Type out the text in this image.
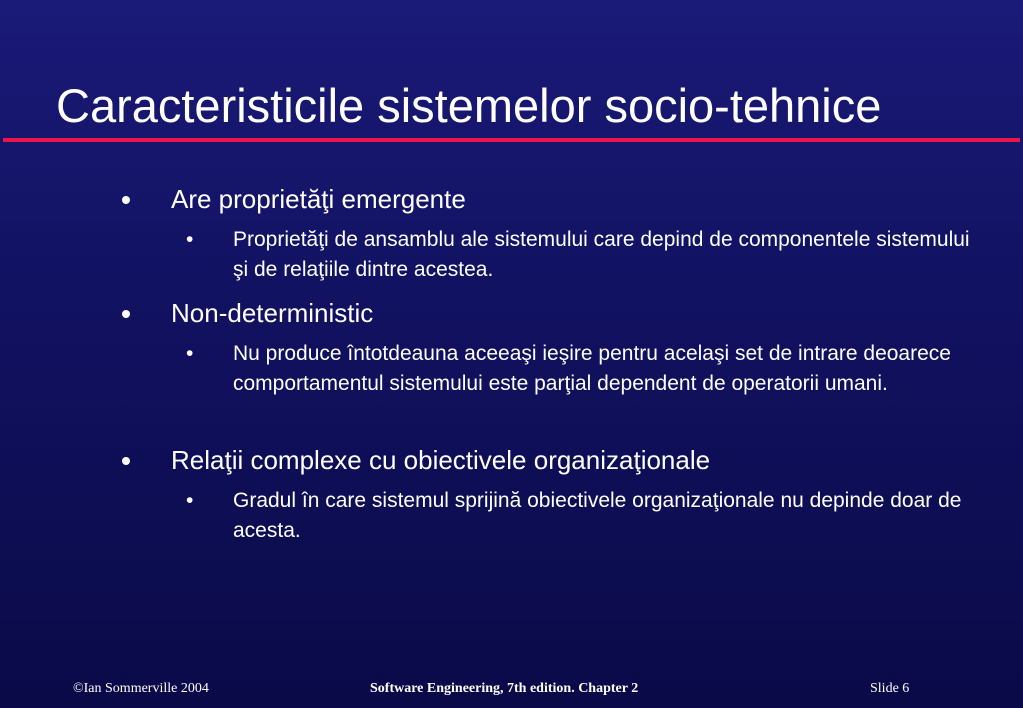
Caracteristicile sistemelor socio-tehnice
Are proprietăţi emergente
• Proprietăţi de ansamblu ale sistemului care depind de componentele sistemului şi de relaţiile dintre acestea.
Non-deterministic
• Nu produce întotdeauna aceeaşi ieşire pentru acelaşi set de intrare deoarece comportamentul sistemului este parţial dependent de operatorii umani.
Relaţii complexe cu obiectivele organizaţionale
• Gradul în care sistemul sprijină obiectivele organizaţionale nu depinde doar de acesta.
©Ian Sommerville 2004	Software Engineering, 7th edition. Chapter 2	Slide 6
